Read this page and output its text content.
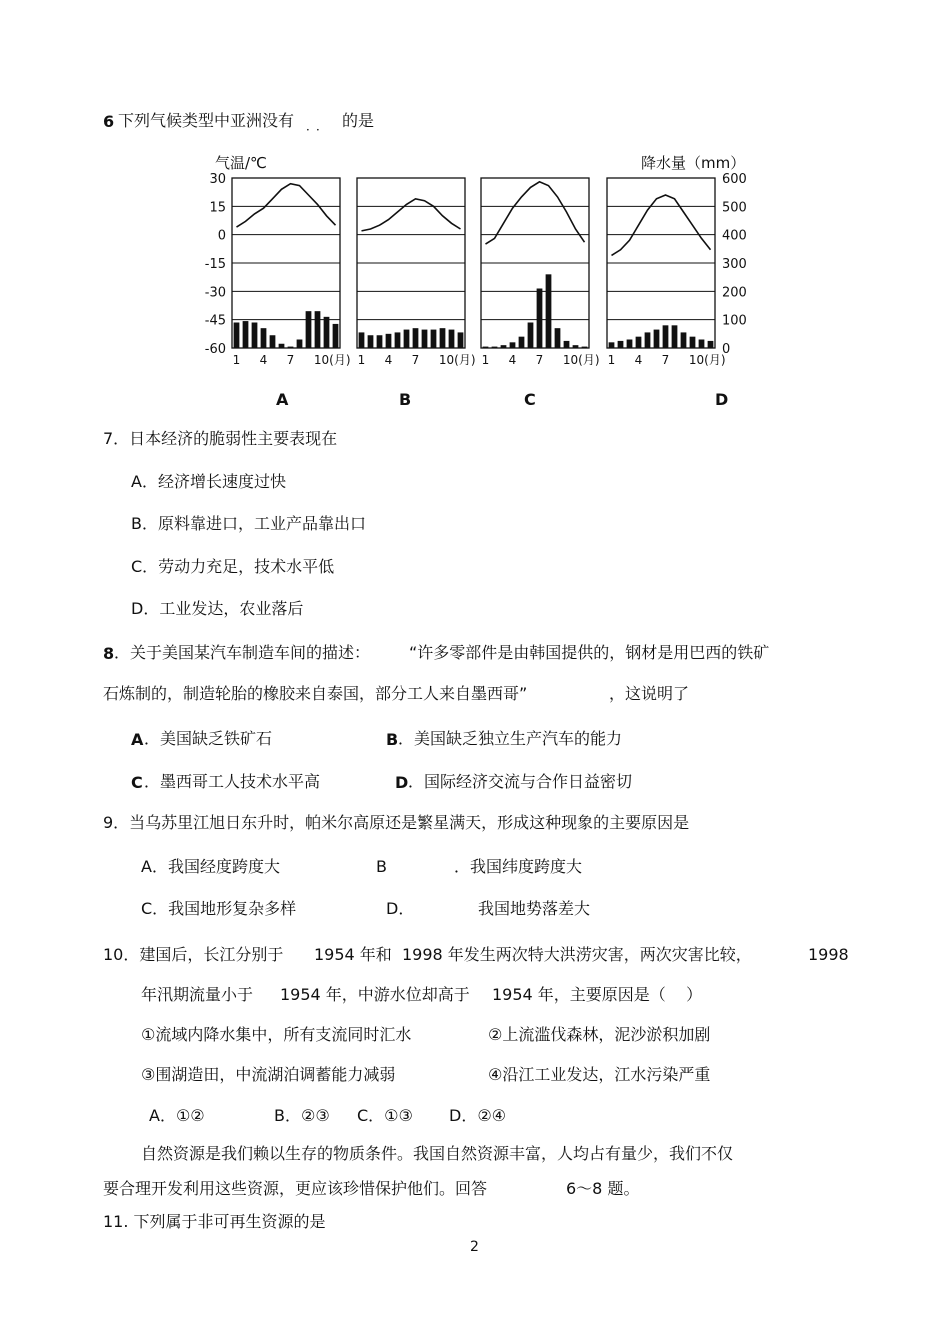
6 下列气候类型中亚洲没有 ．． 的是
气温/℃	降水量（mm）
30
15
0
-15
-30
-45
-60
600
500
400
300
200
100
0
1 4 7 10(月) 1 4 7 10(月) 1 4 7 10(月) 1 4 7 10(月)
A	B	C	D
7．日本经济的脆弱性主要表现在
A．经济增长速度过快
B．原料靠进口，工业产品靠出口
C．劳动力充足，技术水平低
D．工业发达，农业落后
8 ．关于美国某汽车制造车间的描述： “许多零部件是由韩国提供的，钢材是用巴西的铁矿
石炼制的，制造轮胎的橡胶来自泰国，部分工人来自墨西哥”	，这说明了
A ．美国缺乏铁矿石	B ．美国缺乏独立生产汽车的能力
C ．墨西哥工人技术水平高	D ．国际经济交流与合作日益密切
9．当乌苏里江旭日东升时，帕米尔高原还是繁星满天，形成这种现象的主要原因是
A．我国经度跨度大	B	．我国纬度跨度大
C．我国地形复杂多样	D．	我国地势落差大
10．建国后，长江分别于 1954 年和 1998 年发生两次特大洪涝灾害，两次灾害比较，	1998
年汛期流量小于 1954 年，中游水位却高于 1954 年，主要原因是（    ）
①流域内降水集中，所有支流同时汇水	②上流滥伐森林，泥沙淤积加剧
③围湖造田，中流湖泊调蓄能力减弱	④沿江工业发达，江水污染严重
A．①②	B．②③ C．①③ D．②④
自然资源是我们赖以生存的物质条件。我国自然资源丰富，人均占有量少，我们不仅
要合理开发利用这些资源，更应该珍惜保护他们。回答	6～8 题。
11. 下列属于非可再生资源的是
2
